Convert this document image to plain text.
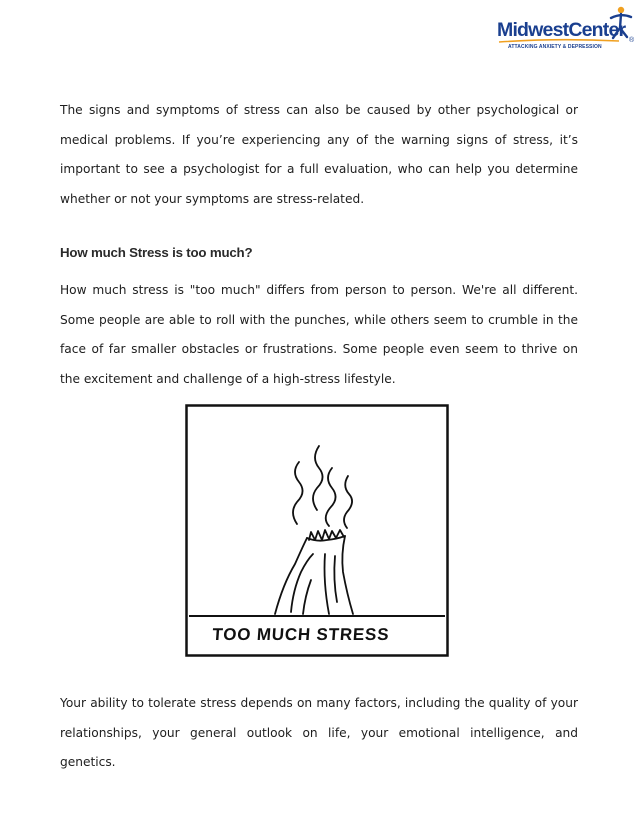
MidwestCenter
ATTACKING ANXIETY & DEPRESSION
®

The signs and symptoms of stress can also be caused by other psychological or medical problems. If you’re experiencing any of the warning signs of stress, it’s important to see a psychologist for a full evaluation, who can help you determine whether or not your symptoms are stress-related.

How much Stress is too much?

How much stress is "too much" differs from person to person. We're all different. Some people are able to roll with the punches, while others seem to crumble in the face of far smaller obstacles or frustrations. Some people even seem to thrive on the excitement and challenge of a high-stress lifestyle.

TOO MUCH STRESS

Your ability to tolerate stress depends on many factors, including the quality of your relationships, your general outlook on life, your emotional intelligence, and genetics.
